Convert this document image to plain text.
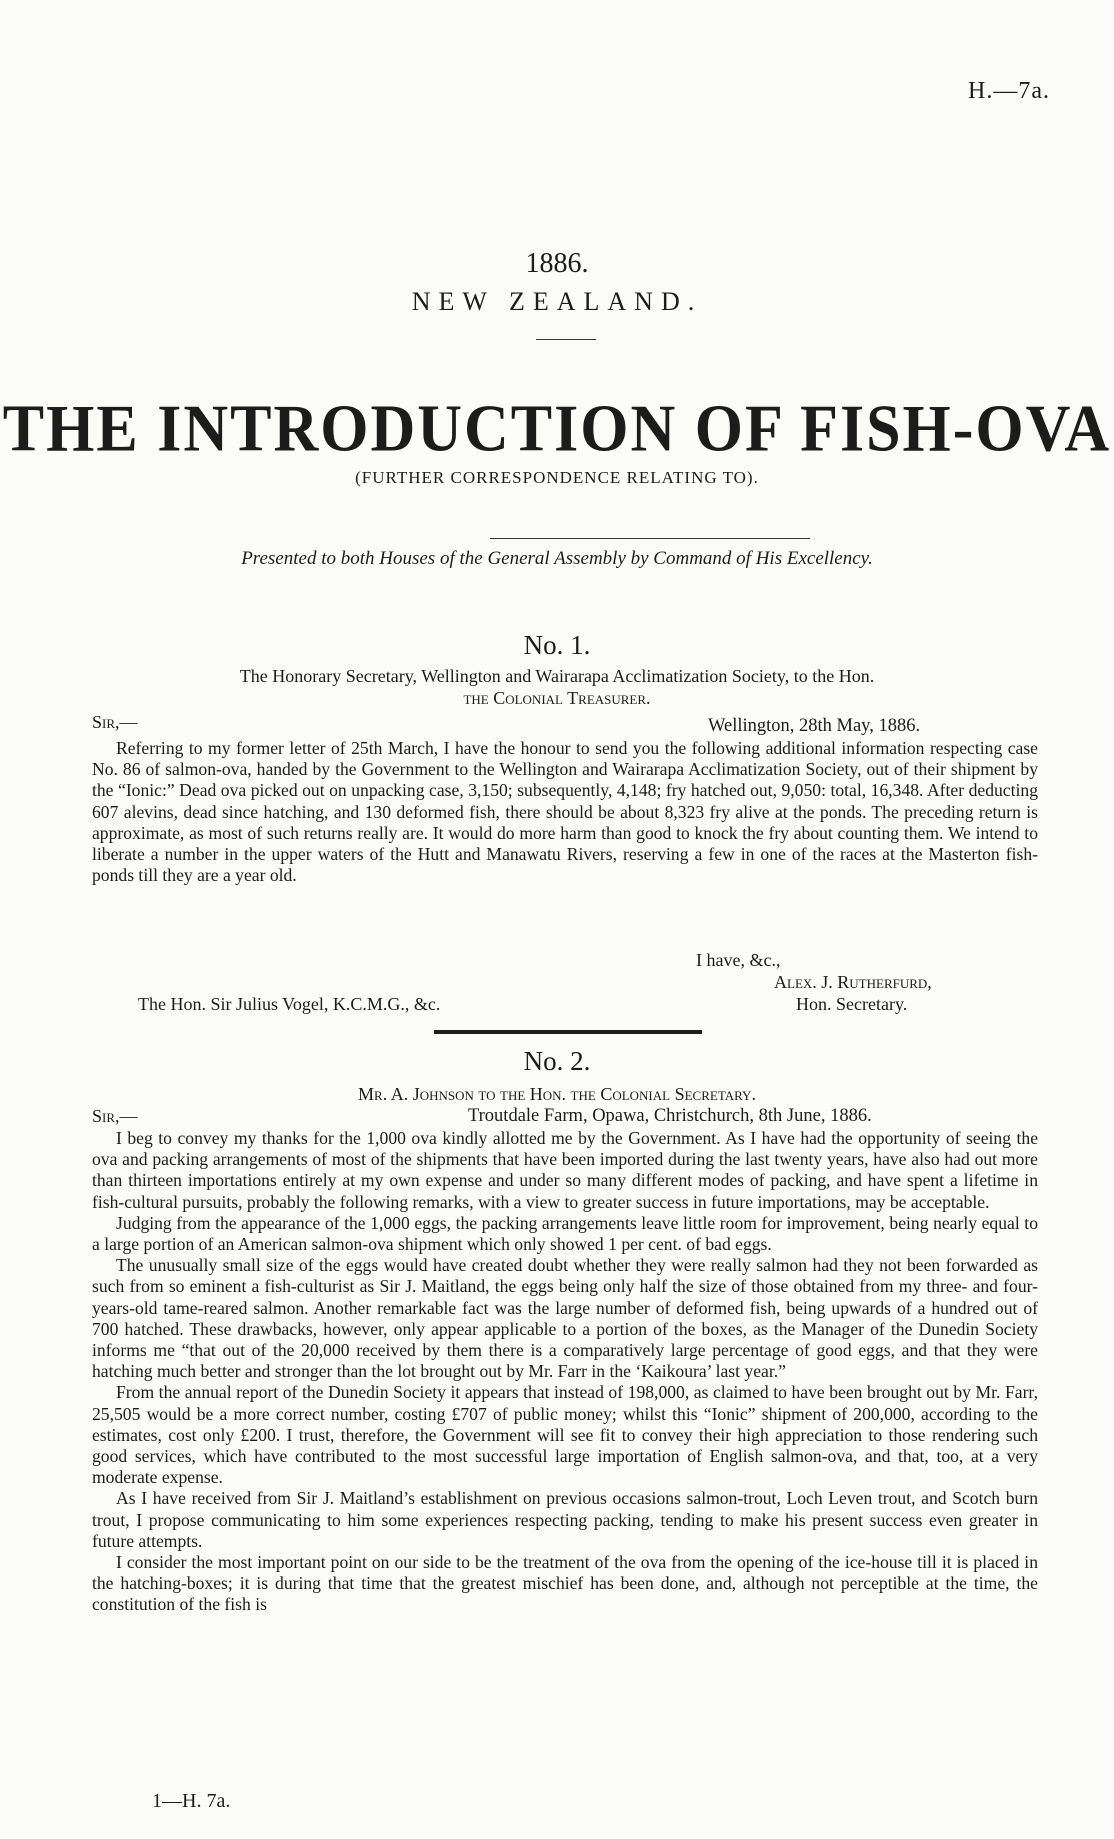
H.—7a.
1886.
NEW ZEALAND.
THE INTRODUCTION OF FISH-OVA
(FURTHER CORRESPONDENCE RELATING TO).
Presented to both Houses of the General Assembly by Command of His Excellency.
No. 1.
The Honorary Secretary, Wellington and Wairarapa Acclimatization Society, to the Hon.
the Colonial Treasurer.
Sir,—	Wellington, 28th May, 1886.

Referring to my former letter of 25th March, I have the honour to send you the following additional information respecting case No. 86 of salmon-ova, handed by the Government to the Wellington and Wairarapa Acclimatization Society, out of their shipment by the “Ionic:” Dead ova picked out on unpacking case, 3,150; subsequently, 4,148; fry hatched out, 9,050: total, 16,348. After deducting 607 alevins, dead since hatching, and 130 deformed fish, there should be about 8,323 fry alive at the ponds. The preceding return is approximate, as most of such returns really are. It would do more harm than good to knock the fry about counting them. We intend to liberate a number in the upper waters of the Hutt and Manawatu Rivers, reserving a few in one of the races at the Masterton fish-ponds till they are a year old.

I have, &c.,
Alex. J. Rutherfurd,
The Hon. Sir Julius Vogel, K.C.M.G., &c.	Hon. Secretary.
No. 2.
Mr. A. Johnson to the Hon. the Colonial Secretary.
Sir,—	Troutdale Farm, Opawa, Christchurch, 8th June, 1886.

I beg to convey my thanks for the 1,000 ova kindly allotted me by the Government. As I have had the opportunity of seeing the ova and packing arrangements of most of the shipments that have been imported during the last twenty years, have also had out more than thirteen importations entirely at my own expense and under so many different modes of packing, and have spent a lifetime in fish-cultural pursuits, probably the following remarks, with a view to greater success in future importations, may be acceptable.

Judging from the appearance of the 1,000 eggs, the packing arrangements leave little room for improvement, being nearly equal to a large portion of an American salmon-ova shipment which only showed 1 per cent. of bad eggs.

The unusually small size of the eggs would have created doubt whether they were really salmon had they not been forwarded as such from so eminent a fish-culturist as Sir J. Maitland, the eggs being only half the size of those obtained from my three- and four-years-old tame-reared salmon. Another remarkable fact was the large number of deformed fish, being upwards of a hundred out of 700 hatched. These drawbacks, however, only appear applicable to a portion of the boxes, as the Manager of the Dunedin Society informs me “that out of the 20,000 received by them there is a comparatively large percentage of good eggs, and that they were hatching much better and stronger than the lot brought out by Mr. Farr in the ‘Kaikoura’ last year.”

From the annual report of the Dunedin Society it appears that instead of 198,000, as claimed to have been brought out by Mr. Farr, 25,505 would be a more correct number, costing £707 of public money; whilst this “Ionic” shipment of 200,000, according to the estimates, cost only £200. I trust, therefore, the Government will see fit to convey their high appreciation to those rendering such good services, which have contributed to the most successful large importation of English salmon-ova, and that, too, at a very moderate expense.

As I have received from Sir J. Maitland’s establishment on previous occasions salmon-trout, Loch Leven trout, and Scotch burn trout, I propose communicating to him some experiences respecting packing, tending to make his present success even greater in future attempts.

I consider the most important point on our side to be the treatment of the ova from the opening of the ice-house till it is placed in the hatching-boxes; it is during that time that the greatest mischief has been done, and, although not perceptible at the time, the constitution of the fish is

1—H. 7a.
